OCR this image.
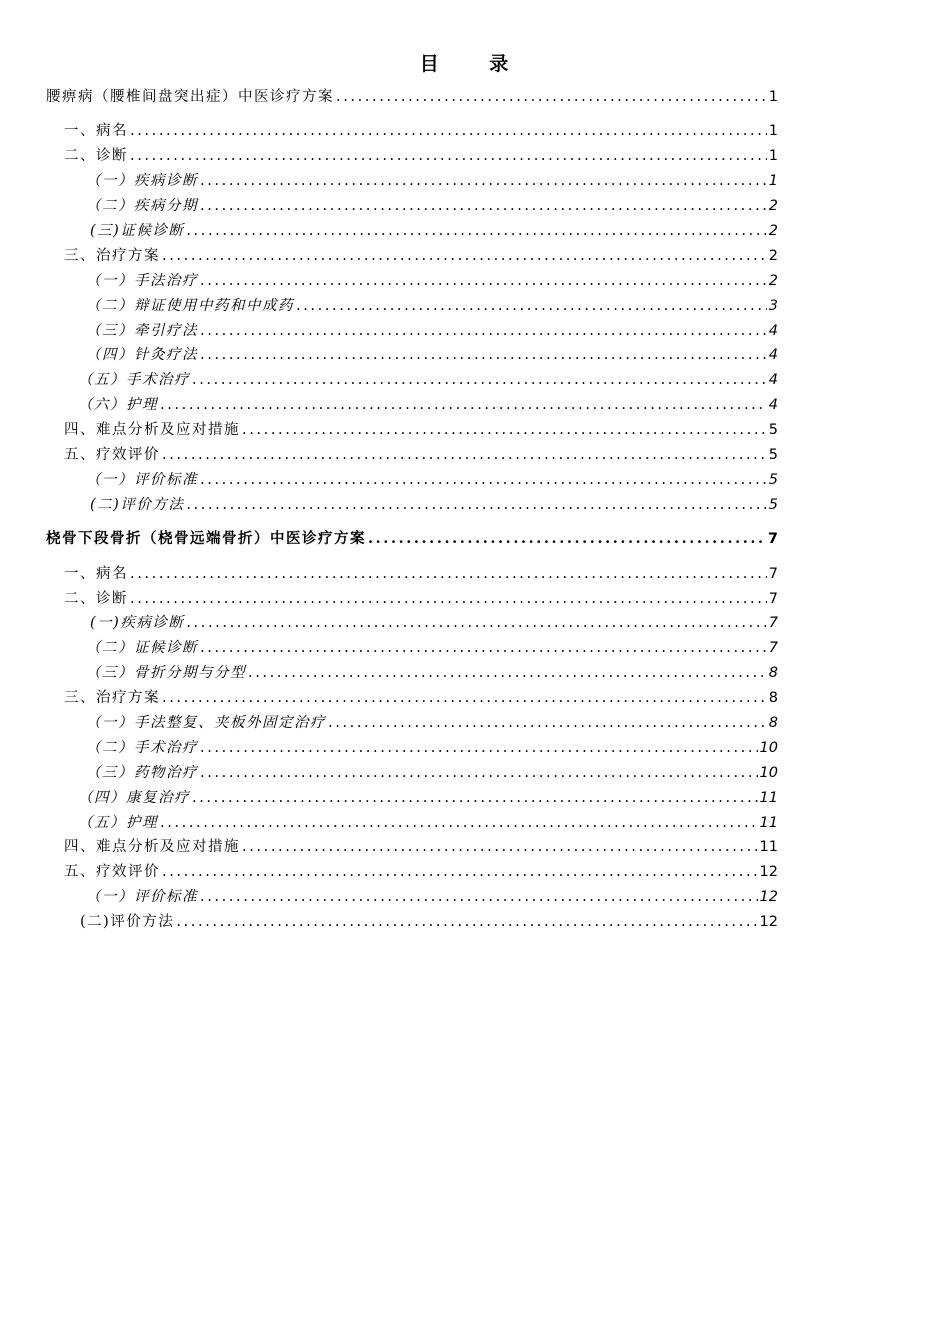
目 录
腰痹病（腰椎间盘突出症）中医诊疗方案 .....	1
一、病名 .....	1
二、诊断 .....	1
（一）疾病诊断 .....	1
（二）疾病分期 .....	2
(三)证候诊断 .....	2
三、治疗方案 .....	2
（一）手法治疗 .....	2
（二）辩证使用中药和中成药 .....	3
（三）牵引疗法 .....	4
（四）针灸疗法 .....	4
（五）手术治疗 .....	4
（六）护理 .....	4
四、难点分析及应对措施 .....	5
五、疗效评价 .....	5
（一）评价标准 .....	5
(二)评价方法 .....	5
桡骨下段骨折（桡骨远端骨折）中医诊疗方案 .....	7
一、病名 .....	7
二、诊断 .....	7
(一)疾病诊断 .....	7
（二）证候诊断 .....	7
（三）骨折分期与分型 .....	8
三、治疗方案 .....	8
（一）手法整复、夹板外固定治疗 .....	8
（二）手术治疗 .....	10
（三）药物治疗 .....	10
（四）康复治疗 .....	11
（五）护理 .....	11
四、难点分析及应对措施 .....	11
五、疗效评价 .....	12
（一）评价标准 .....	12
(二)评价方法 .....	12
